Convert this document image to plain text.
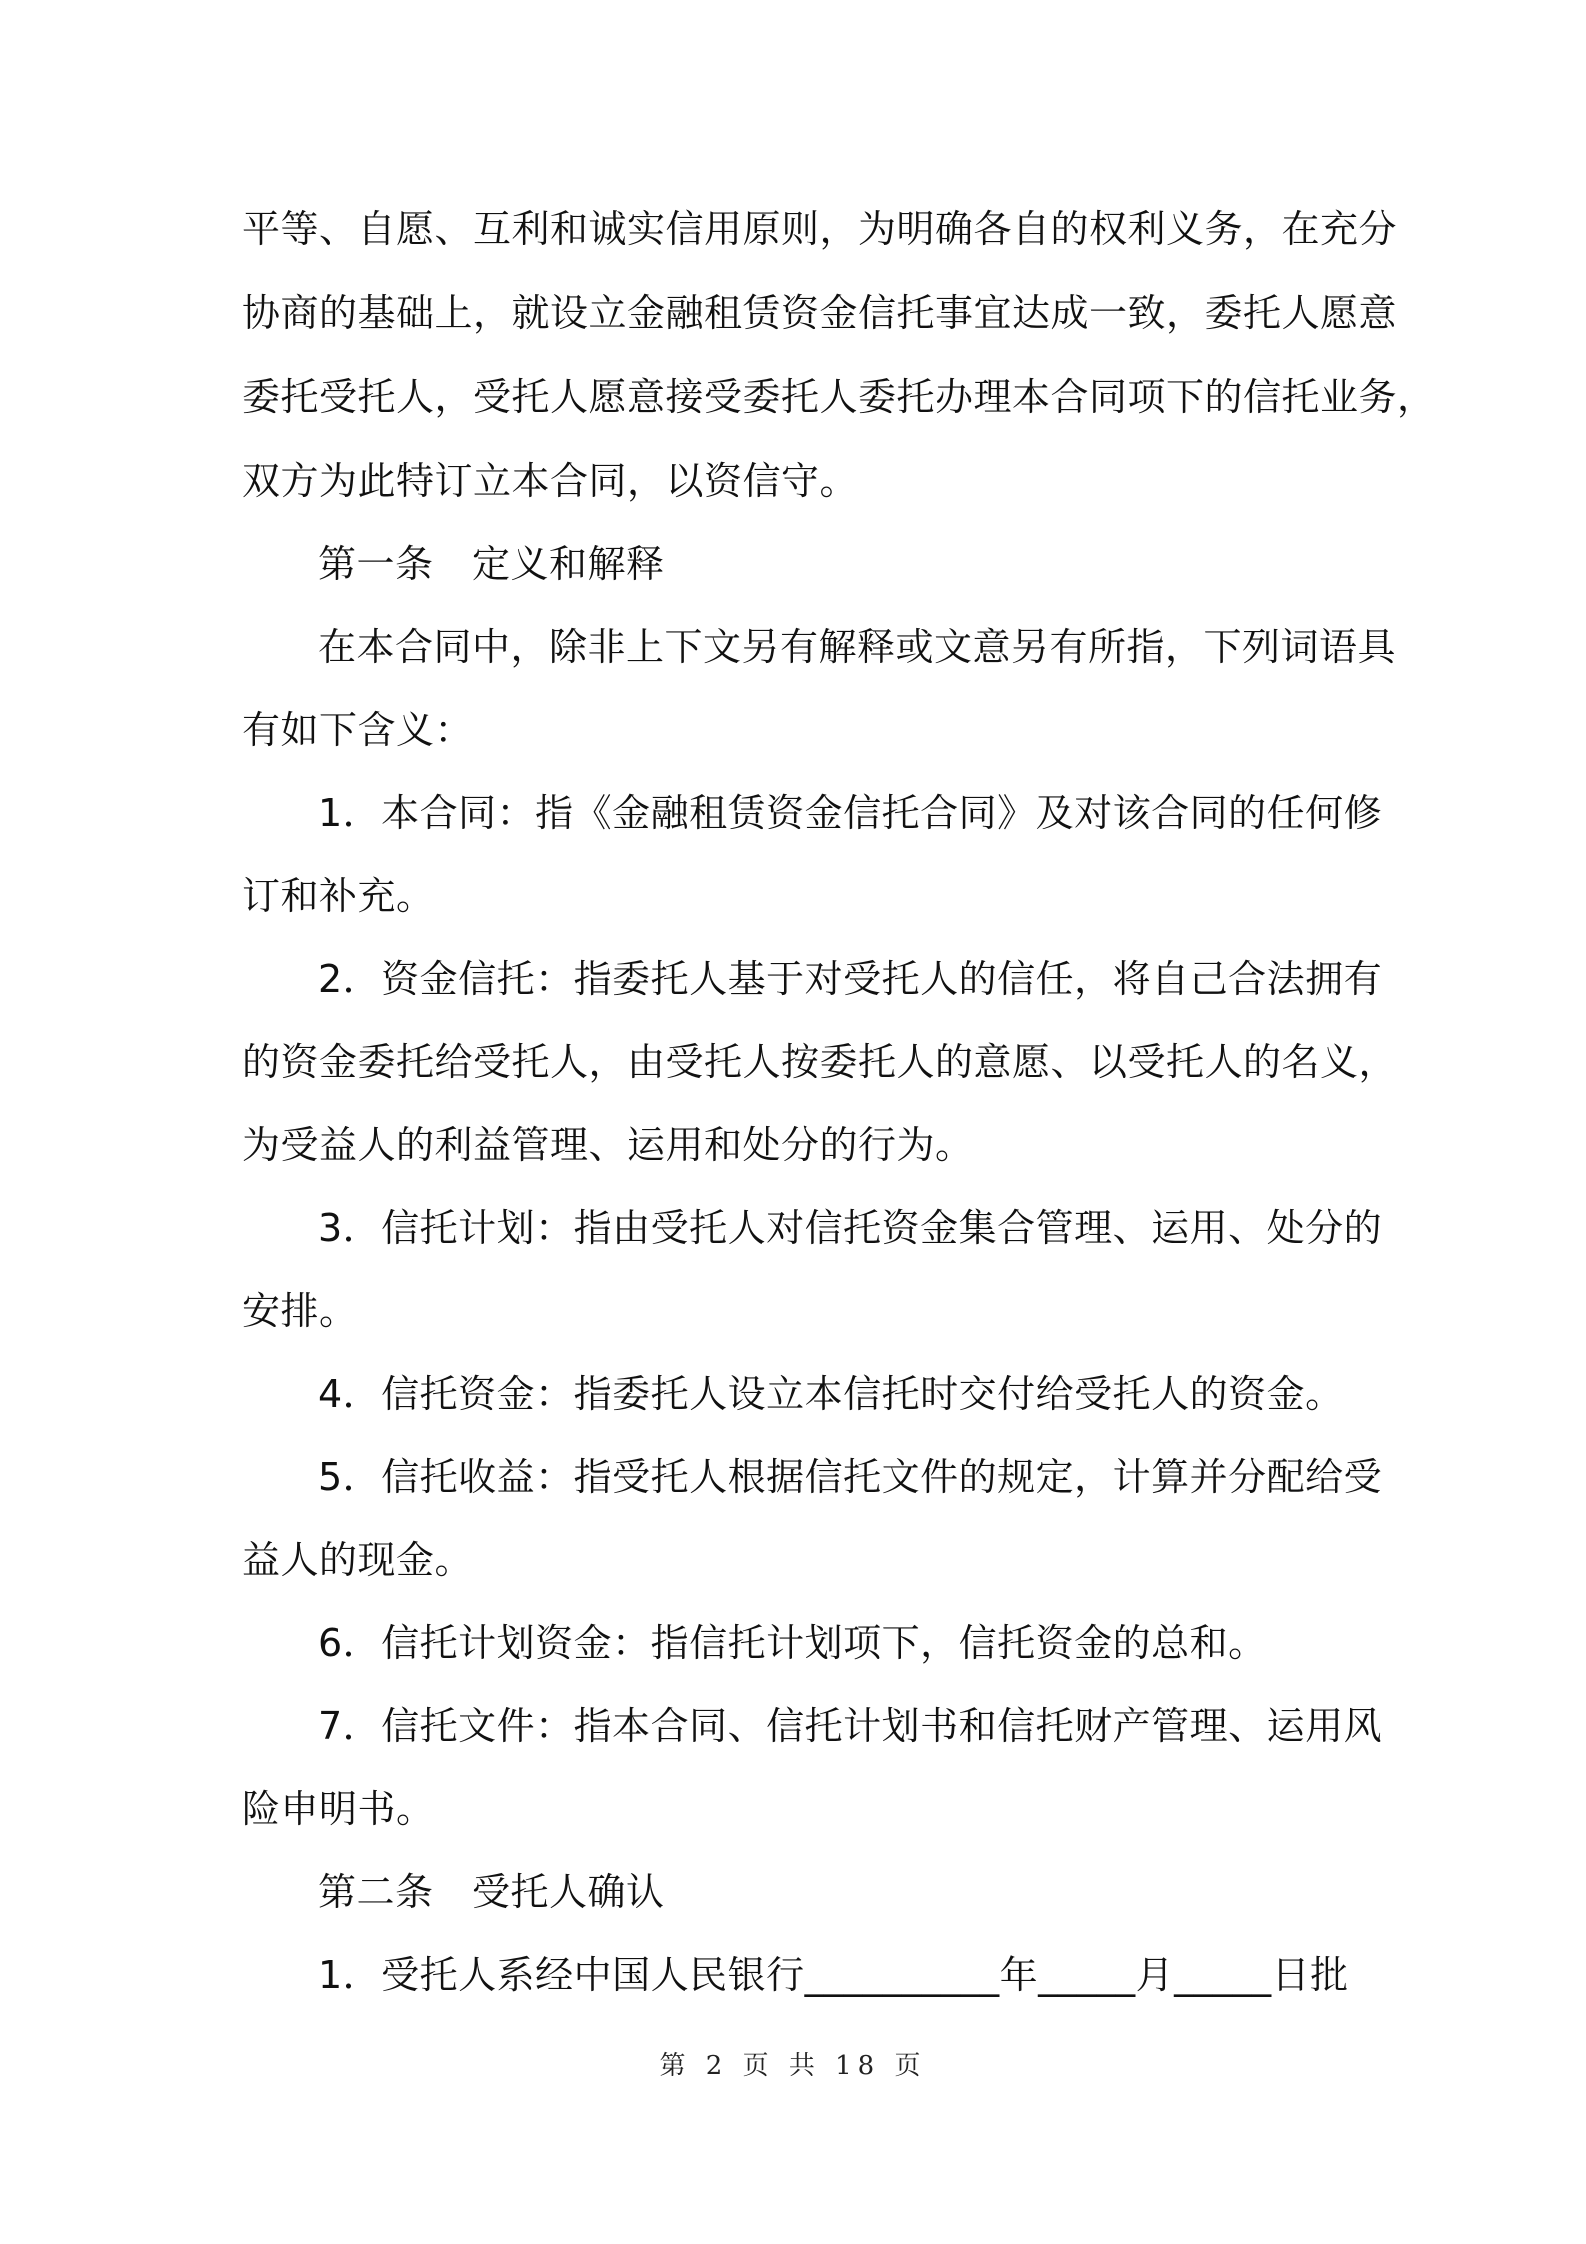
平等、自愿、互利和诚实信用原则，为明确各自的权利义务，在充分
协商的基础上，就设立金融租赁资金信托事宜达成一致，委托人愿意
委托受托人，受托人愿意接受委托人委托办理本合同项下的信托业务，
双方为此特订立本合同，以资信守。
第一条　定义和解释
在本合同中，除非上下文另有解释或文意另有所指，下列词语具
有如下含义：
1．本合同：指《金融租赁资金信托合同》及对该合同的任何修
订和补充。
2．资金信托：指委托人基于对受托人的信任，将自己合法拥有
的资金委托给受托人，由受托人按委托人的意愿、以受托人的名义，
为受益人的利益管理、运用和处分的行为。
3．信托计划：指由受托人对信托资金集合管理、运用、处分的
安排。
4．信托资金：指委托人设立本信托时交付给受托人的资金。
5．信托收益：指受托人根据信托文件的规定，计算并分配给受
益人的现金。
6．信托计划资金：指信托计划项下，信托资金的总和。
7．信托文件：指本合同、信托计划书和信托财产管理、运用风
险申明书。
第二条　受托人确认
1．受托人系经中国人民银行__________年_____月_____日批
第 2 页 共 18 页
